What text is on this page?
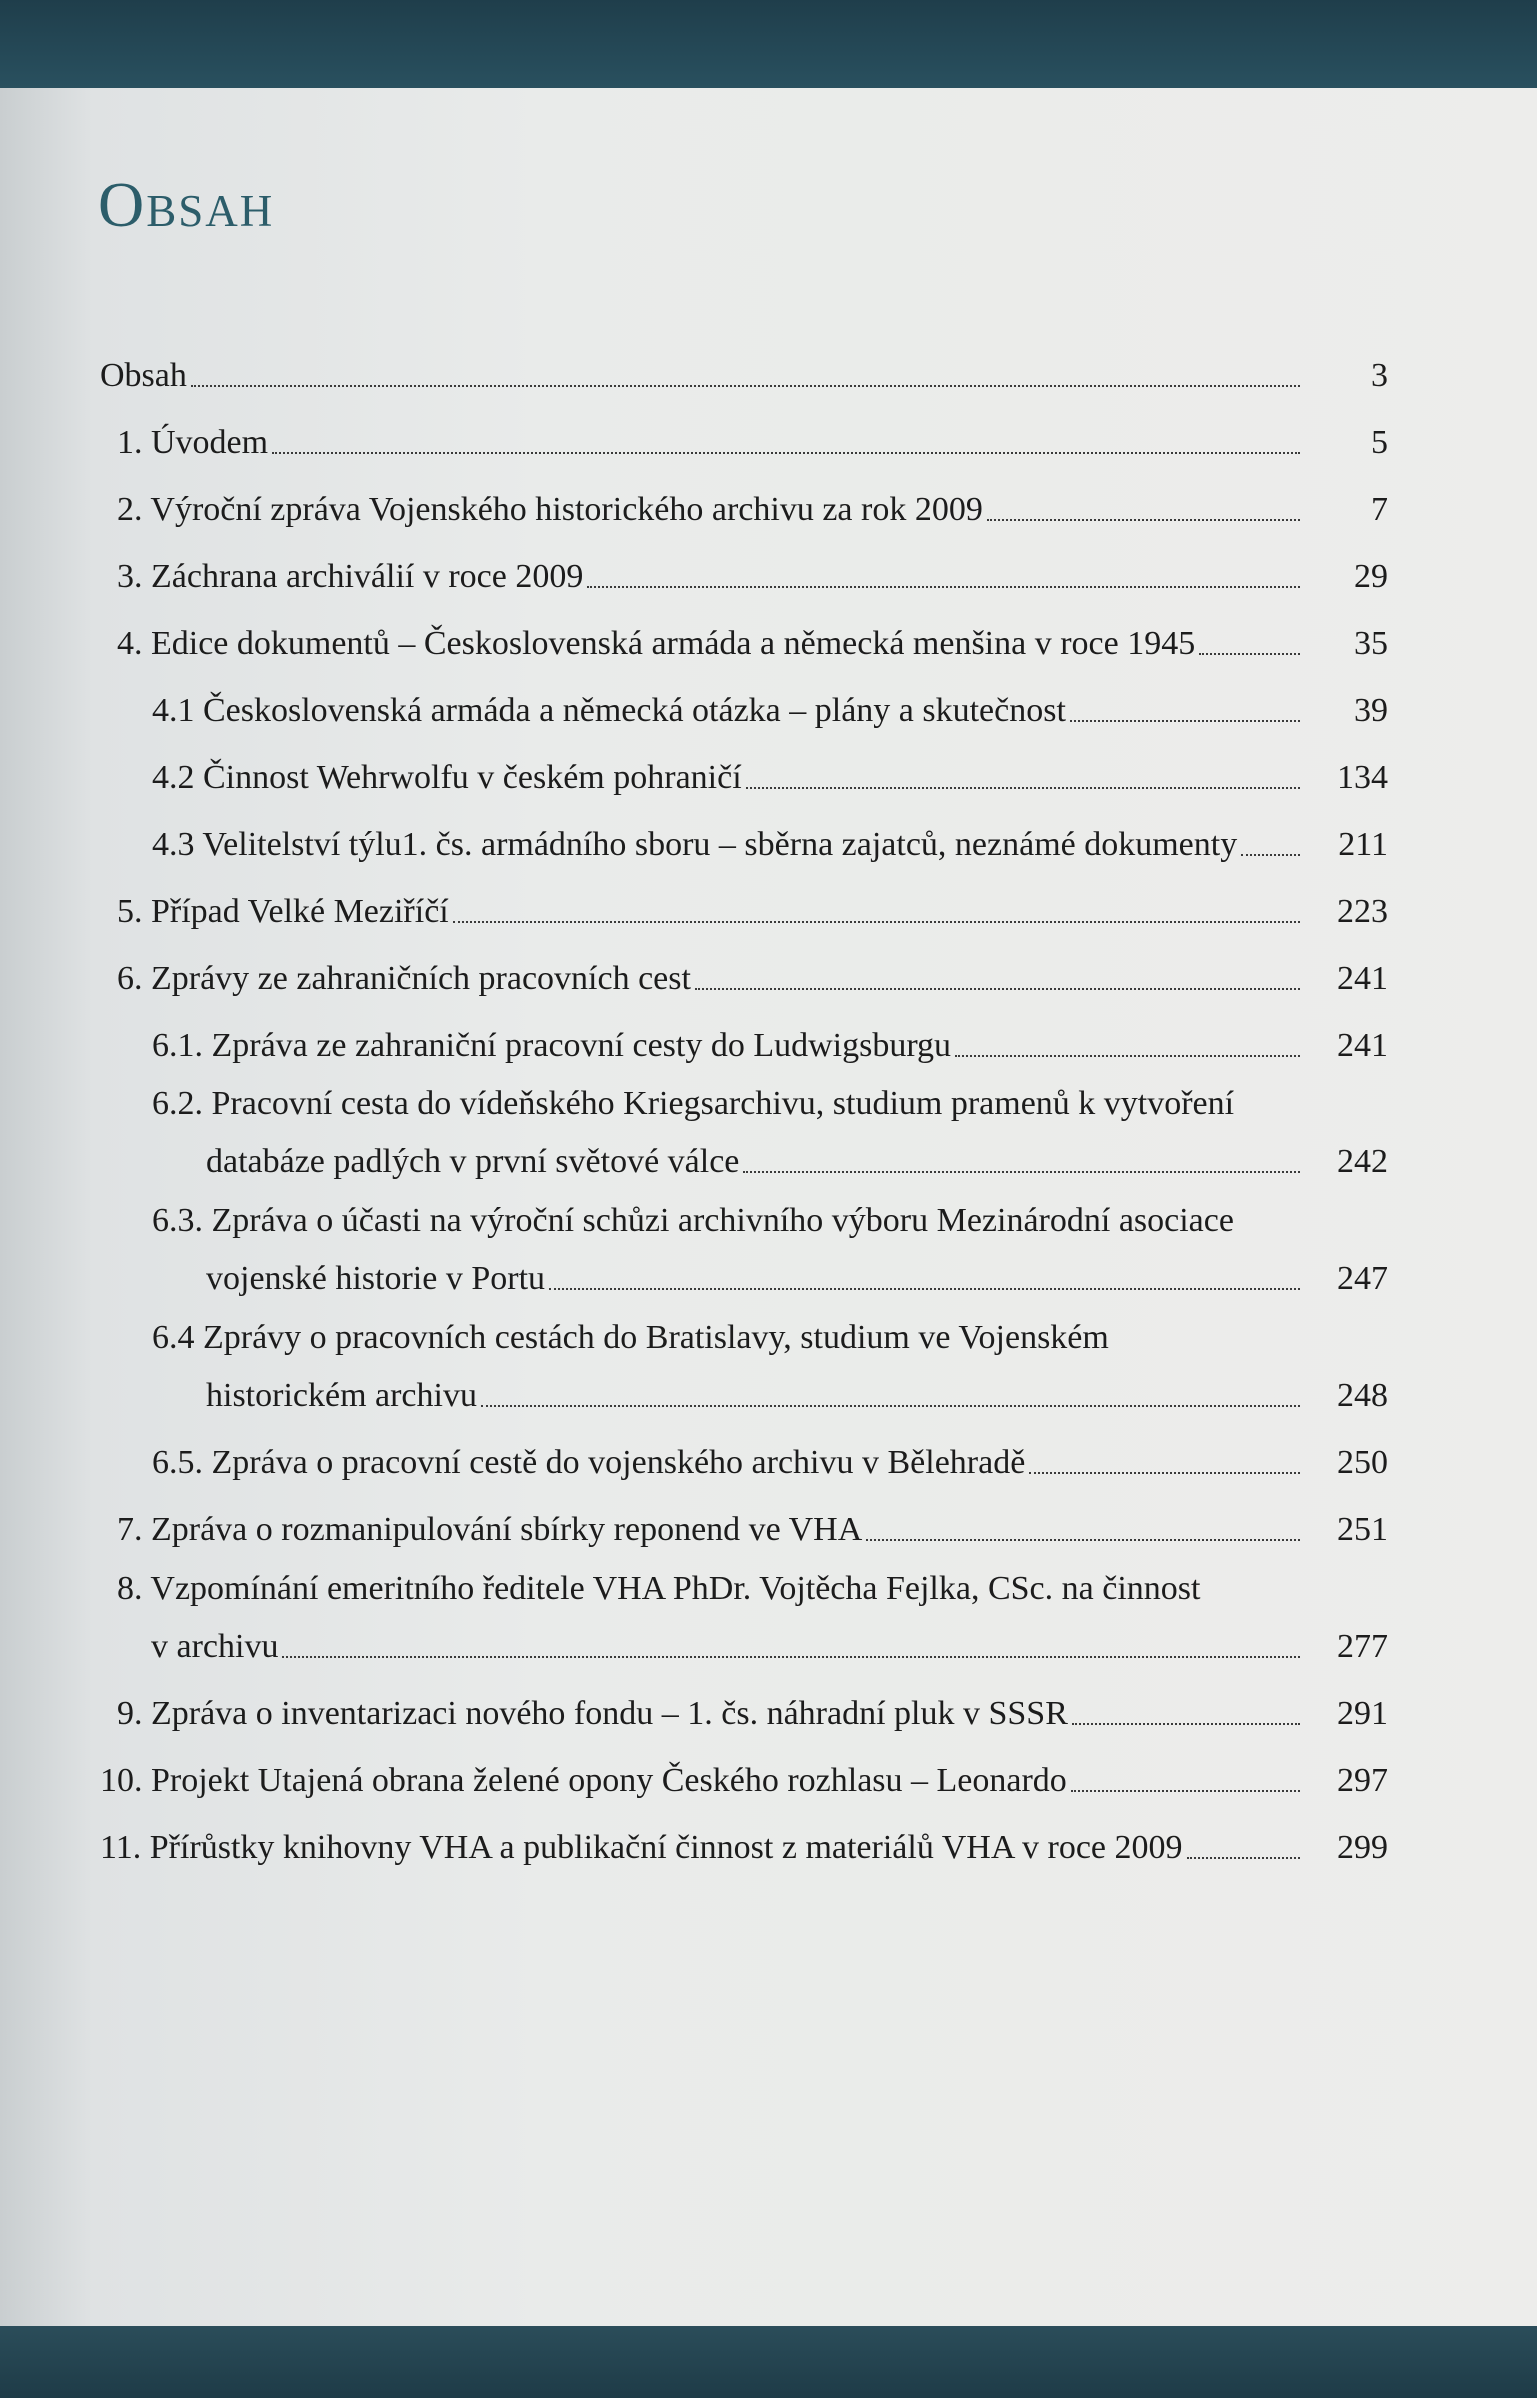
Obsah
Obsah	3
1. Úvodem	5
2. Výroční zpráva Vojenského historického archivu za rok 2009	7
3. Záchrana archiválií v roce 2009	29
4. Edice dokumentů – Československá armáda a německá menšina v roce 1945	35
4.1 Československá armáda a německá otázka – plány a skutečnost	39
4.2 Činnost Wehrwolfu v českém pohraničí	134
4.3 Velitelství týlu1. čs. armádního sboru – sběrna zajatců, neznámé dokumenty	211
5. Případ Velké Meziříčí	223
6. Zprávy ze zahraničních pracovních cest	241
6.1. Zpráva ze zahraniční pracovní cesty do Ludwigsburgu	241
6.2. Pracovní cesta do vídeňského Kriegsarchivu, studium pramenů k vytvoření
databáze padlých v první světové válce	242
6.3. Zpráva o účasti na výroční schůzi archivního výboru Mezinárodní asociace
vojenské historie v Portu	247
6.4 Zprávy o pracovních cestách do Bratislavy, studium ve Vojenském
historickém archivu	248
6.5. Zpráva o pracovní cestě do vojenského archivu v Bělehradě	250
7. Zpráva o rozmanipulování sbírky reponend ve VHA	251
8. Vzpomínání emeritního ředitele VHA PhDr. Vojtěcha Fejlka, CSc. na činnost
v archivu	277
9. Zpráva o inventarizaci nového fondu – 1. čs. náhradní pluk v SSSR	291
10. Projekt Utajená obrana želené opony Českého rozhlasu – Leonardo	297
11. Přírůstky knihovny VHA a publikační činnost z materiálů VHA v roce 2009	299
